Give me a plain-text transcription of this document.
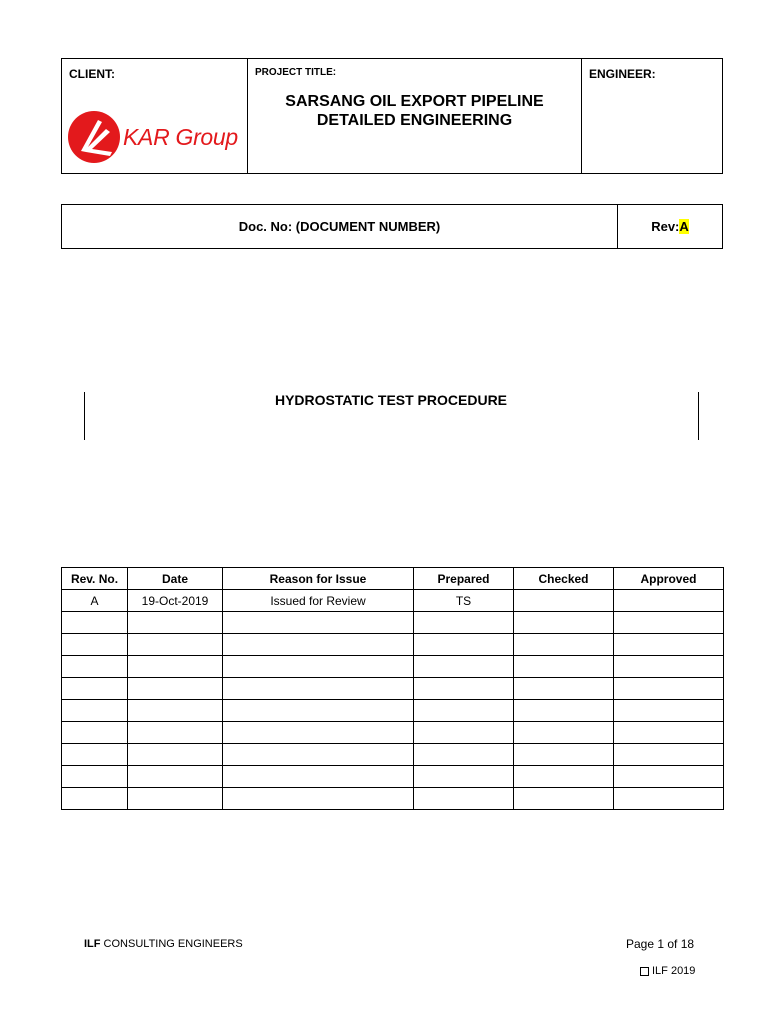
CLIENT:
KAR Group
PROJECT TITLE:
SARSANG OIL EXPORT PIPELINE
DETAILED ENGINEERING
ENGINEER:
Doc. No: (DOCUMENT NUMBER)	Rev: A
HYDROSTATIC TEST PROCEDURE
Rev. No.	Date	Reason for Issue	Prepared	Checked	Approved
A	19-Oct-2019	Issued for Review	TS		

ILF CONSULTING ENGINEERS	Page 1 of 18
ILF 2019
